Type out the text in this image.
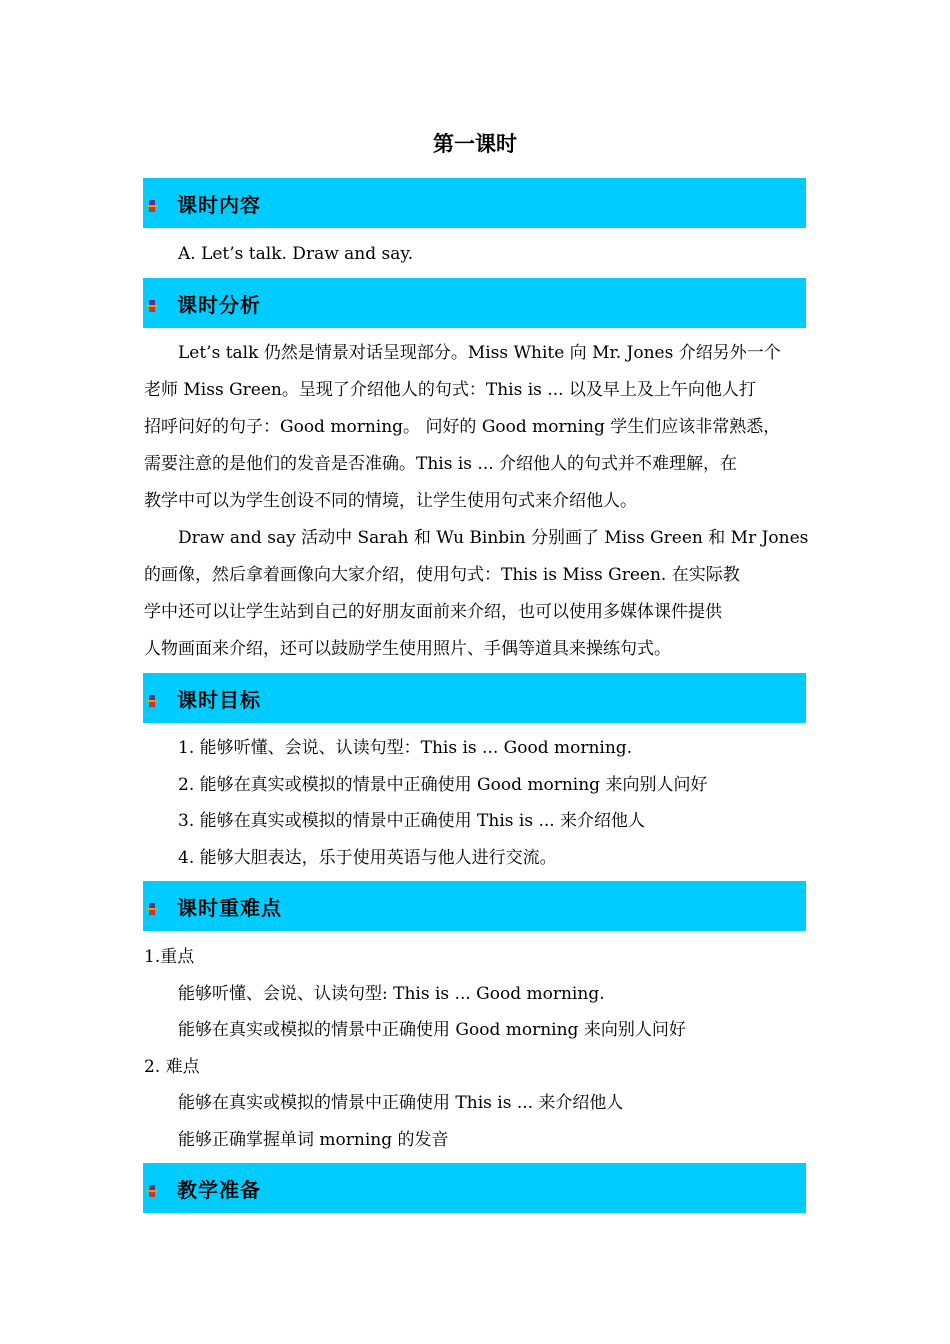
第一课时
课时内容
A. Let’s talk. Draw and say.
课时分析
Let’s talk 仍然是情景对话呈现部分。Miss White 向 Mr. Jones 介绍另外一个
老师 Miss Green。呈现了介绍他人的句式：This is ... 以及早上及上午向他人打
招呼问好的句子：Good morning。 问好的 Good morning 学生们应该非常熟悉，
需要注意的是他们的发音是否准确。This is ... 介绍他人的句式并不难理解，在
教学中可以为学生创设不同的情境，让学生使用句式来介绍他人。
Draw and say 活动中 Sarah 和 Wu Binbin 分别画了 Miss Green 和 Mr Jones
的画像，然后拿着画像向大家介绍，使用句式：This is Miss Green. 在实际教
学中还可以让学生站到自己的好朋友面前来介绍，也可以使用多媒体课件提供
人物画面来介绍，还可以鼓励学生使用照片、手偶等道具来操练句式。
课时目标
1. 能够听懂、会说、认读句型：This is ... Good morning.
2. 能够在真实或模拟的情景中正确使用 Good morning 来向别人问好
3. 能够在真实或模拟的情景中正确使用 This is ... 来介绍他人
4. 能够大胆表达，乐于使用英语与他人进行交流。
课时重难点
1.重点
能够听懂、会说、认读句型: This is ... Good morning.
能够在真实或模拟的情景中正确使用 Good morning 来向别人问好
2. 难点
能够在真实或模拟的情景中正确使用 This is ... 来介绍他人
能够正确掌握单词 morning 的发音
教学准备
